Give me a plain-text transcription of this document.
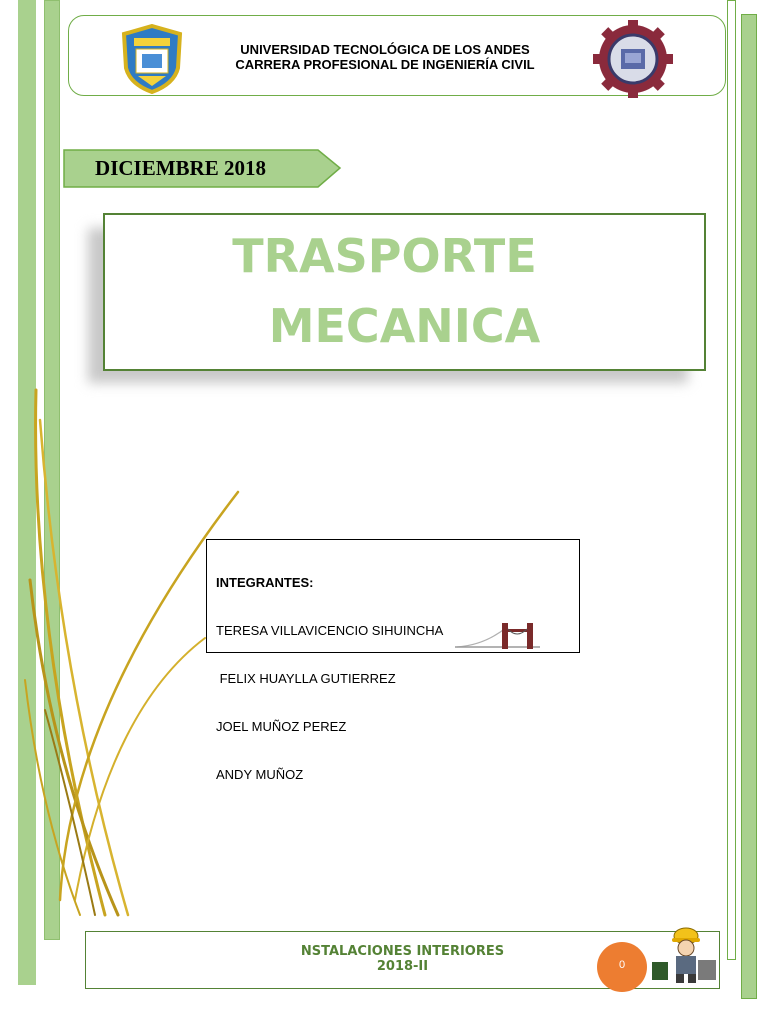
UNIVERSIDAD TECNOLÓGICA DE LOS ANDES
CARRERA PROFESIONAL DE INGENIERÍA CIVIL
DICIEMBRE 2018
TRASPORTE
MECANICA

INTEGRANTES:

TERESA VILLAVICENCIO SIHUINCHA

FELIX HUAYLLA GUTIERREZ

JOEL MUÑOZ PEREZ

ANDY MUÑOZ

NSTALACIONES INTERIORES
2018-II	0
